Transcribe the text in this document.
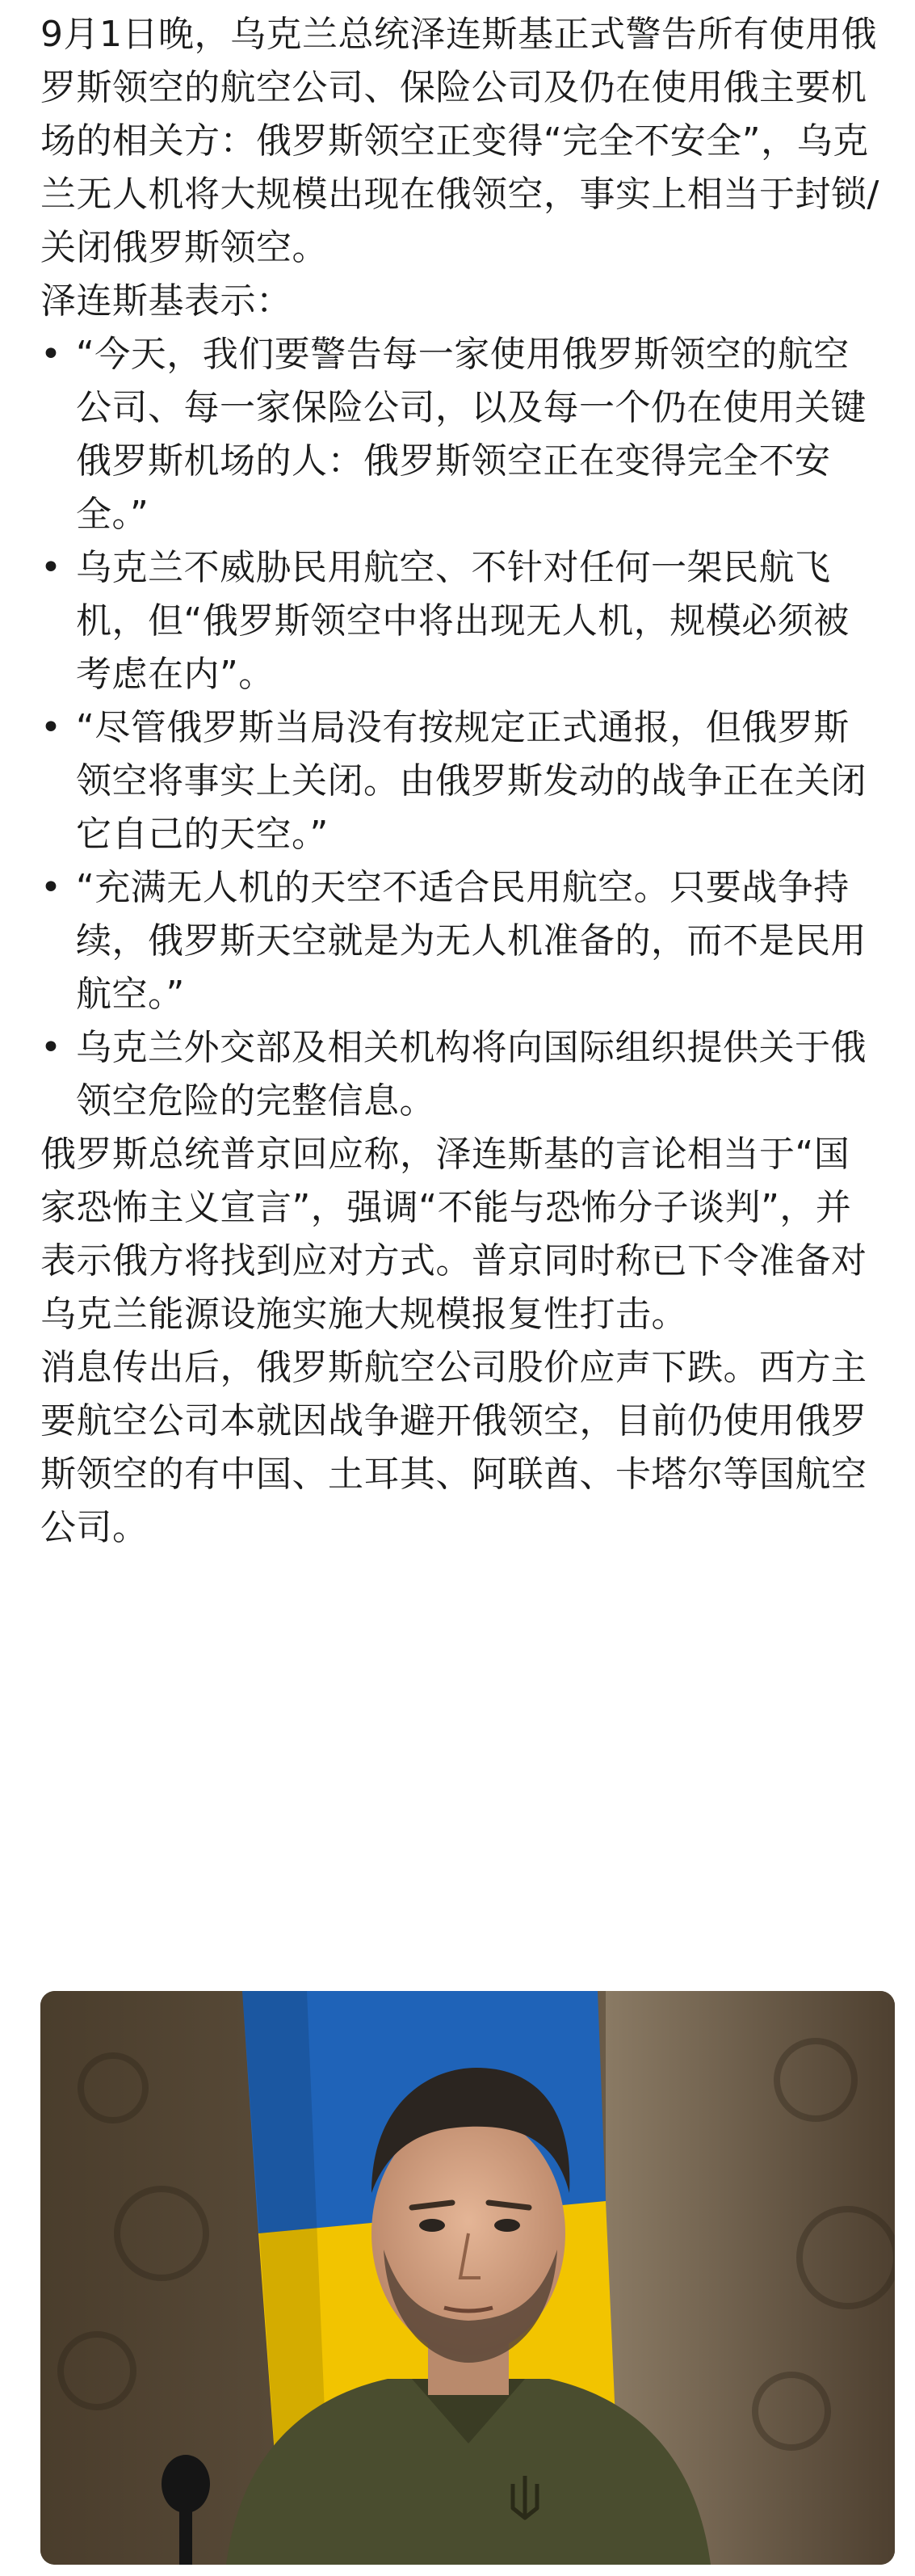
9月1日晚，乌克兰总统泽连斯基正式警告所有使用俄罗斯领空的航空公司、保险公司及仍在使用俄主要机场的相关方：俄罗斯领空正变得“完全不安全”，乌克兰无人机将大规模出现在俄领空，事实上相当于封锁/关闭俄罗斯领空。

泽连斯基表示：

• “今天，我们要警告每一家使用俄罗斯领空的航空公司、每一家保险公司，以及每一个仍在使用关键俄罗斯机场的人：俄罗斯领空正在变得完全不安全。”
• 乌克兰不威胁民用航空、不针对任何一架民航飞机，但“俄罗斯领空中将出现无人机，规模必须被考虑在内”。
• “尽管俄罗斯当局没有按规定正式通报，但俄罗斯领空将事实上关闭。由俄罗斯发动的战争正在关闭它自己的天空。”
• “充满无人机的天空不适合民用航空。只要战争持续，俄罗斯天空就是为无人机准备的，而不是民用航空。”
• 乌克兰外交部及相关机构将向国际组织提供关于俄领空危险的完整信息。

俄罗斯总统普京回应称，泽连斯基的言论相当于“国家恐怖主义宣言”，强调“不能与恐怖分子谈判”，并表示俄方将找到应对方式。普京同时称已下令准备对乌克兰能源设施实施大规模报复性打击。

消息传出后，俄罗斯航空公司股价应声下跌。西方主要航空公司本就因战争避开俄领空，目前仍使用俄罗斯领空的有中国、土耳其、阿联酋、卡塔尔等国航空公司。
